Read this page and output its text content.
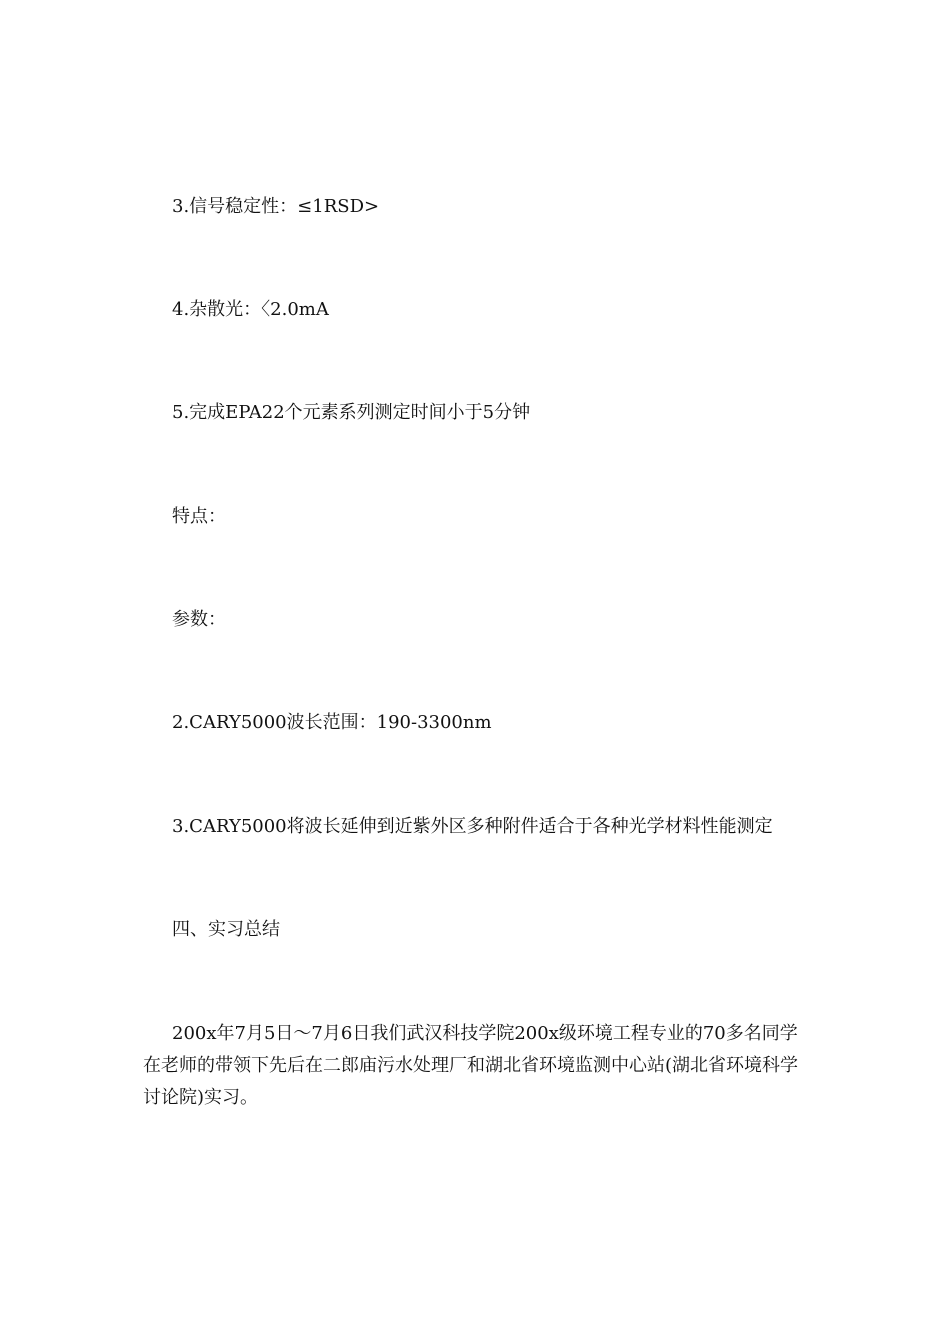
3.信号稳定性：≤1RSD>
4.杂散光：〈2.0mA
5.完成EPA22个元素系列测定时间小于5分钟
特点：
参数：
2.CARY5000波长范围：190-3300nm
3.CARY5000将波长延伸到近紫外区多种附件适合于各种光学材料性能测定
四、实习总结
200x年7月5日～7月6日我们武汉科技学院200x级环境工程专业的70多名同学在老师的带领下先后在二郎庙污水处理厂和湖北省环境监测中心站(湖北省环境科学讨论院)实习。
